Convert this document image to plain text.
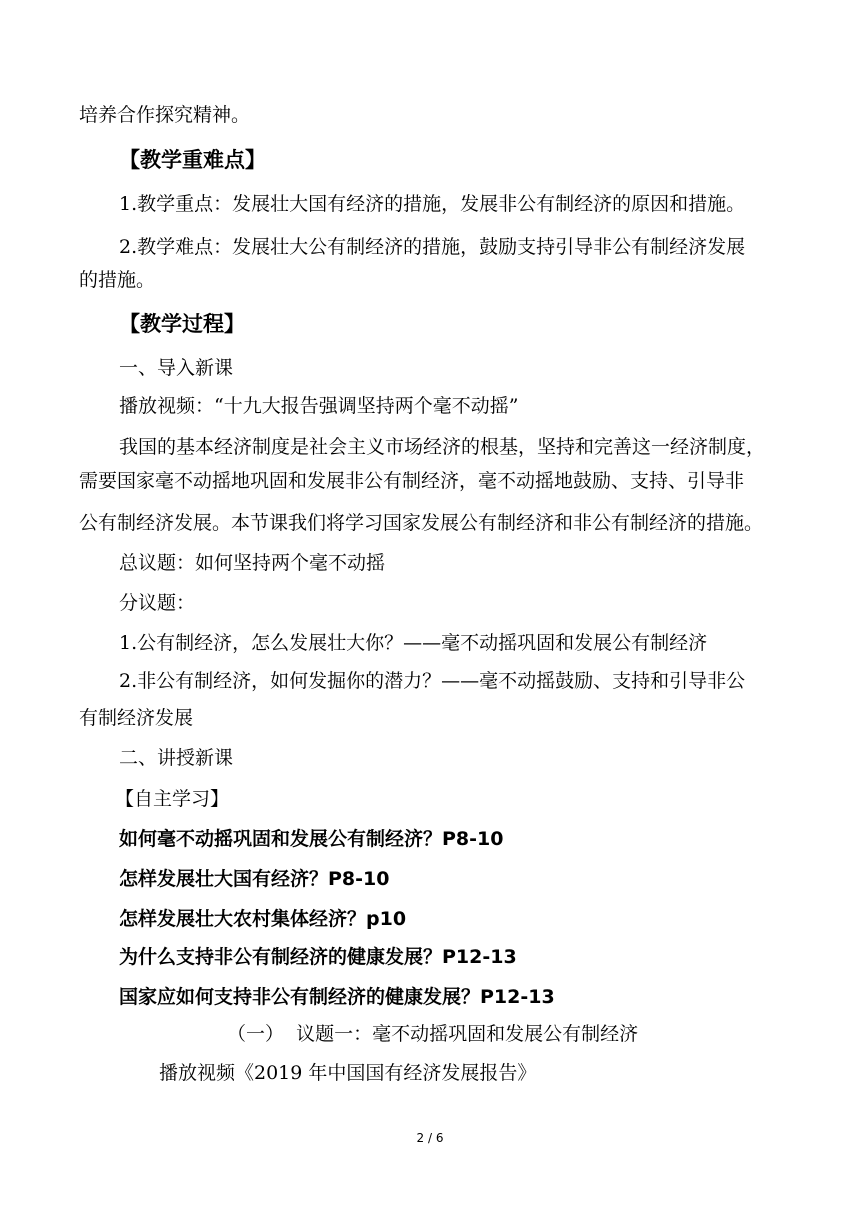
培养合作探究精神。
【教学重难点】
1.教学重点：发展壮大国有经济的措施，发展非公有制经济的原因和措施。
2.教学难点：发展壮大公有制经济的措施，鼓励支持引导非公有制经济发展
的措施。
【教学过程】
一、导入新课
播放视频：“十九大报告强调坚持两个毫不动摇”
我国的基本经济制度是社会主义市场经济的根基，坚持和完善这一经济制度，
需要国家毫不动摇地巩固和发展非公有制经济，毫不动摇地鼓励、支持、引导非
公有制经济发展。本节课我们将学习国家发展公有制经济和非公有制经济的措施。
总议题：如何坚持两个毫不动摇
分议题：
1.公有制经济，怎么发展壮大你？——毫不动摇巩固和发展公有制经济
2.非公有制经济，如何发掘你的潜力？——毫不动摇鼓励、支持和引导非公
有制经济发展
二、讲授新课
【自主学习】
如何毫不动摇巩固和发展公有制经济？P8-10
怎样发展壮大国有经济？P8-10
怎样发展壮大农村集体经济？p10
为什么支持非公有制经济的健康发展？P12-13
国家应如何支持非公有制经济的健康发展？P12-13
（一）  议题一：毫不动摇巩固和发展公有制经济
播放视频《2019 年中国国有经济发展报告》
2 / 6
